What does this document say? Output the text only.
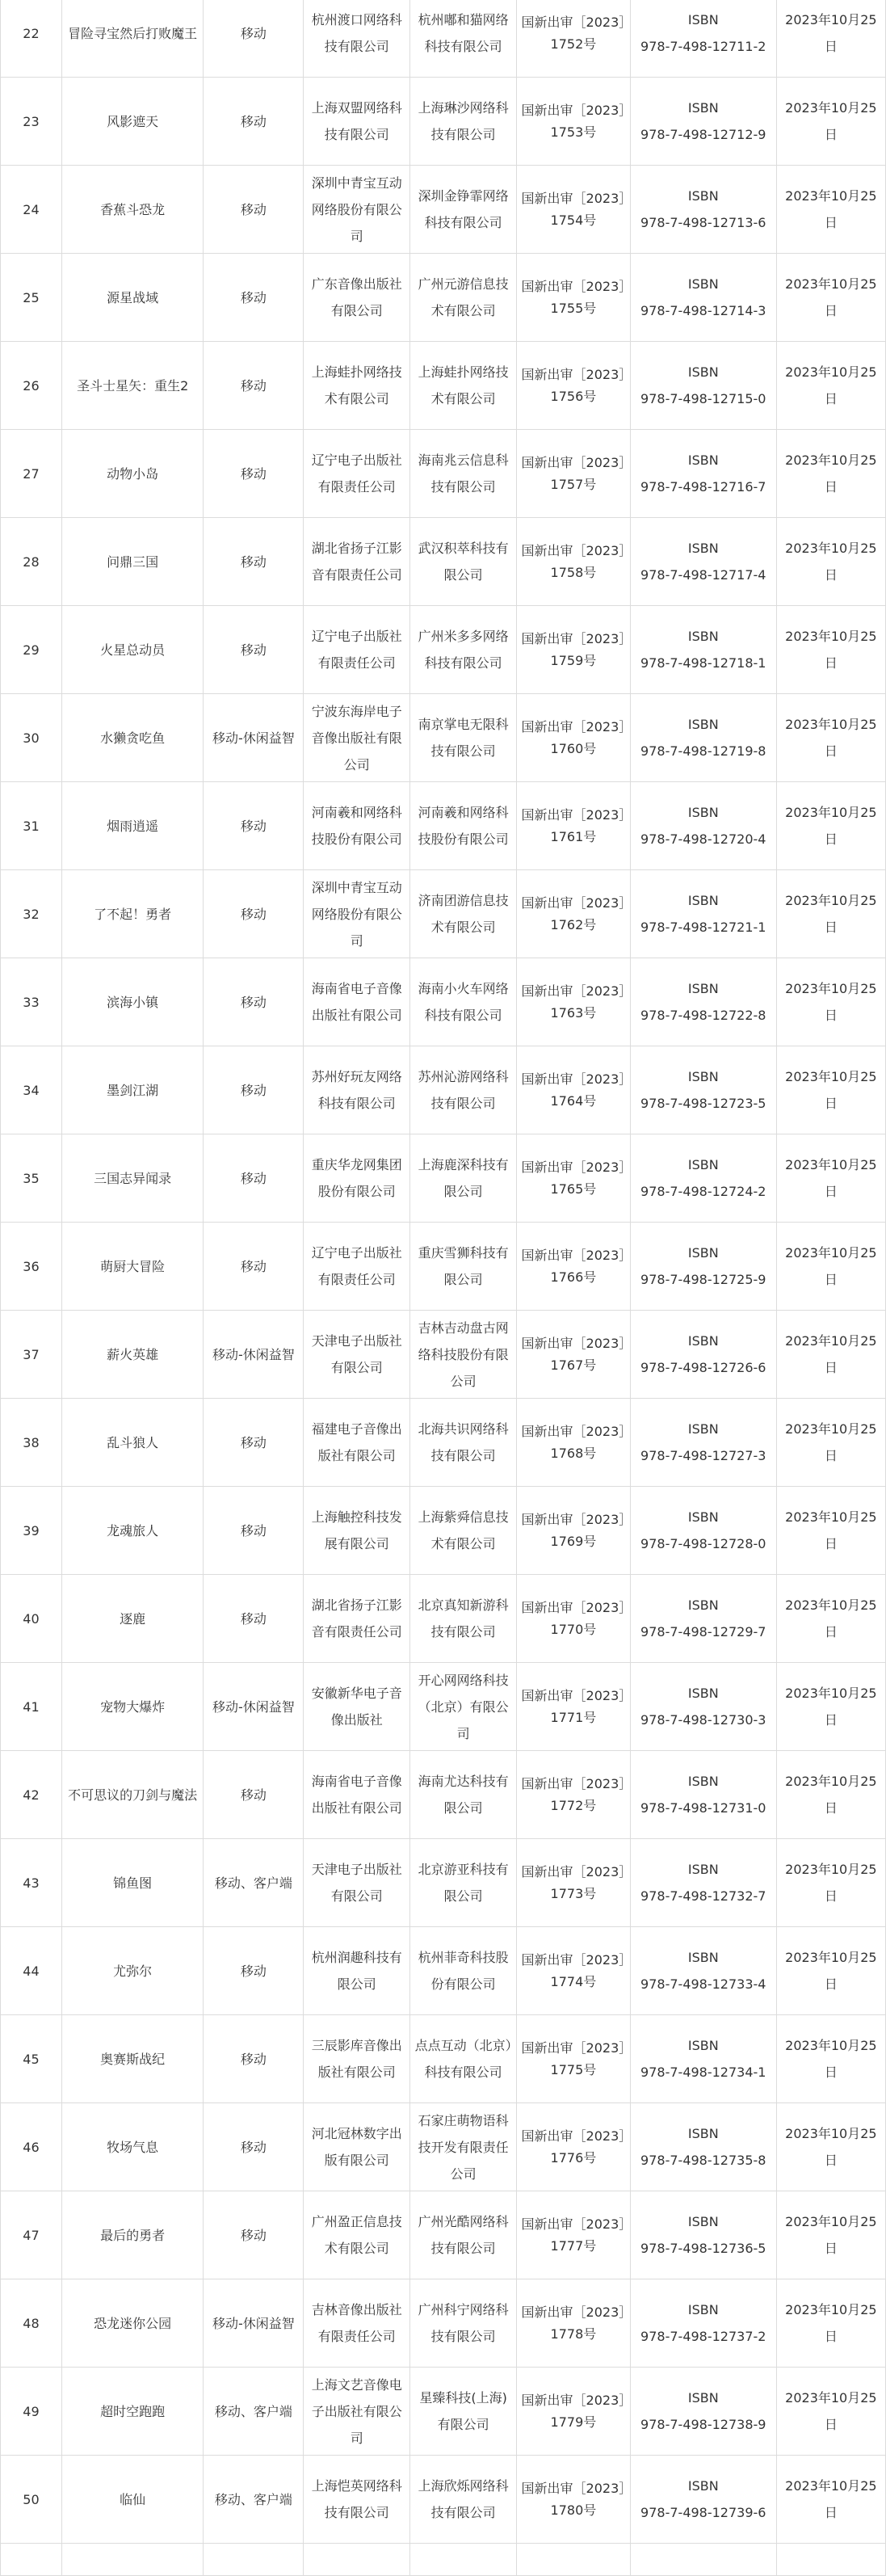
22	冒险寻宝然后打败魔王	移动	杭州渡口网络科技有限公司	杭州嘟和猫网络科技有限公司	国新出审［2023］1752号	ISBN
978-7-498-12711-2	2023年10月25日
23	风影遮天	移动	上海双盟网络科技有限公司	上海琳沙网络科技有限公司	国新出审［2023］1753号	ISBN
978-7-498-12712-9	2023年10月25日
24	香蕉斗恐龙	移动	深圳中青宝互动网络股份有限公司	深圳金铮霏网络科技有限公司	国新出审［2023］1754号	ISBN
978-7-498-12713-6	2023年10月25日
25	源星战域	移动	广东音像出版社有限公司	广州元游信息技术有限公司	国新出审［2023］1755号	ISBN
978-7-498-12714-3	2023年10月25日
26	圣斗士星矢：重生2	移动	上海蛙扑网络技术有限公司	上海蛙扑网络技术有限公司	国新出审［2023］1756号	ISBN
978-7-498-12715-0	2023年10月25日
27	动物小岛	移动	辽宁电子出版社有限责任公司	海南兆云信息科技有限公司	国新出审［2023］1757号	ISBN
978-7-498-12716-7	2023年10月25日
28	问鼎三国	移动	湖北省扬子江影音有限责任公司	武汉积萃科技有限公司	国新出审［2023］1758号	ISBN
978-7-498-12717-4	2023年10月25日
29	火星总动员	移动	辽宁电子出版社有限责任公司	广州米多多网络科技有限公司	国新出审［2023］1759号	ISBN
978-7-498-12718-1	2023年10月25日
30	水獭贪吃鱼	移动-休闲益智	宁波东海岸电子音像出版社有限公司	南京掌电无限科技有限公司	国新出审［2023］1760号	ISBN
978-7-498-12719-8	2023年10月25日
31	烟雨逍遥	移动	河南羲和网络科技股份有限公司	河南羲和网络科技股份有限公司	国新出审［2023］1761号	ISBN
978-7-498-12720-4	2023年10月25日
32	了不起！勇者	移动	深圳中青宝互动网络股份有限公司	济南团游信息技术有限公司	国新出审［2023］1762号	ISBN
978-7-498-12721-1	2023年10月25日
33	滨海小镇	移动	海南省电子音像出版社有限公司	海南小火车网络科技有限公司	国新出审［2023］1763号	ISBN
978-7-498-12722-8	2023年10月25日
34	墨剑江湖	移动	苏州好玩友网络科技有限公司	苏州沁游网络科技有限公司	国新出审［2023］1764号	ISBN
978-7-498-12723-5	2023年10月25日
35	三国志异闻录	移动	重庆华龙网集团股份有限公司	上海鹿深科技有限公司	国新出审［2023］1765号	ISBN
978-7-498-12724-2	2023年10月25日
36	萌厨大冒险	移动	辽宁电子出版社有限责任公司	重庆雪狮科技有限公司	国新出审［2023］1766号	ISBN
978-7-498-12725-9	2023年10月25日
37	薪火英雄	移动-休闲益智	天津电子出版社有限公司	吉林吉动盘古网络科技股份有限公司	国新出审［2023］1767号	ISBN
978-7-498-12726-6	2023年10月25日
38	乱斗狼人	移动	福建电子音像出版社有限公司	北海共识网络科技有限公司	国新出审［2023］1768号	ISBN
978-7-498-12727-3	2023年10月25日
39	龙魂旅人	移动	上海触控科技发展有限公司	上海紫舜信息技术有限公司	国新出审［2023］1769号	ISBN
978-7-498-12728-0	2023年10月25日
40	逐鹿	移动	湖北省扬子江影音有限责任公司	北京真知新游科技有限公司	国新出审［2023］1770号	ISBN
978-7-498-12729-7	2023年10月25日
41	宠物大爆炸	移动-休闲益智	安徽新华电子音像出版社	开心网网络科技（北京）有限公司	国新出审［2023］1771号	ISBN
978-7-498-12730-3	2023年10月25日
42	不可思议的刀剑与魔法	移动	海南省电子音像出版社有限公司	海南尤达科技有限公司	国新出审［2023］1772号	ISBN
978-7-498-12731-0	2023年10月25日
43	锦鱼图	移动、客户端	天津电子出版社有限公司	北京游亚科技有限公司	国新出审［2023］1773号	ISBN
978-7-498-12732-7	2023年10月25日
44	尤弥尔	移动	杭州润趣科技有限公司	杭州菲奇科技股份有限公司	国新出审［2023］1774号	ISBN
978-7-498-12733-4	2023年10月25日
45	奥赛斯战纪	移动	三辰影库音像出版社有限公司	点点互动（北京）科技有限公司	国新出审［2023］1775号	ISBN
978-7-498-12734-1	2023年10月25日
46	牧场气息	移动	河北冠林数字出版有限公司	石家庄萌物语科技开发有限责任公司	国新出审［2023］1776号	ISBN
978-7-498-12735-8	2023年10月25日
47	最后的勇者	移动	广州盈正信息技术有限公司	广州光酷网络科技有限公司	国新出审［2023］1777号	ISBN
978-7-498-12736-5	2023年10月25日
48	恐龙迷你公园	移动-休闲益智	吉林音像出版社有限责任公司	广州科宁网络科技有限公司	国新出审［2023］1778号	ISBN
978-7-498-12737-2	2023年10月25日
49	超时空跑跑	移动、客户端	上海文艺音像电子出版社有限公司	星臻科技(上海)有限公司	国新出审［2023］1779号	ISBN
978-7-498-12738-9	2023年10月25日
50	临仙	移动、客户端	上海恺英网络科技有限公司	上海欣烁网络科技有限公司	国新出审［2023］1780号	ISBN
978-7-498-12739-6	2023年10月25日
